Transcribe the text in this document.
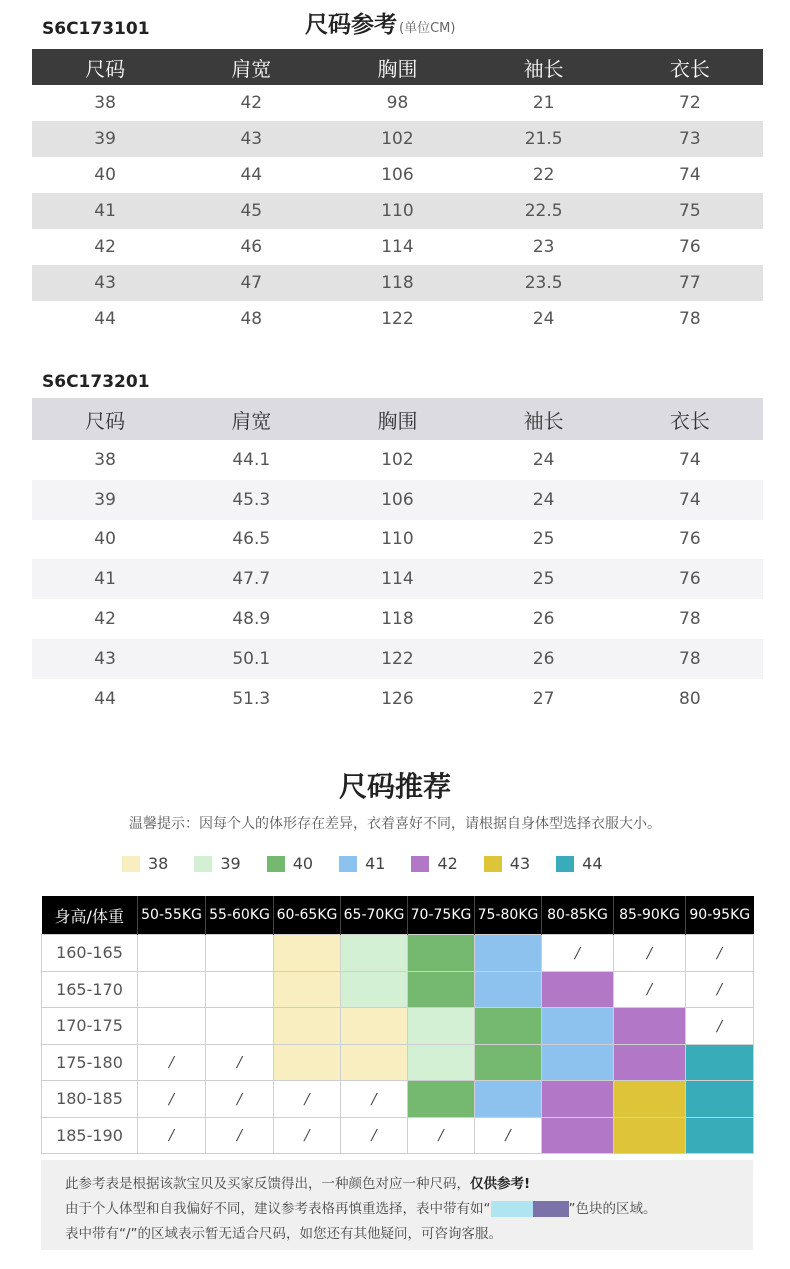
S6C173101	尺码参考 (单位CM)
尺码	肩宽	胸围	袖长	衣长
38	42	98	21	72
39	43	102	21.5	73
40	44	106	22	74
41	45	110	22.5	75
42	46	114	23	76
43	47	118	23.5	77
44	48	122	24	78
S6C173201
尺码	肩宽	胸围	袖长	衣长
38	44.1	102	24	74
39	45.3	106	24	74
40	46.5	110	25	76
41	47.7	114	25	76
42	48.9	118	26	78
43	50.1	122	26	78
44	51.3	126	27	80
尺码推荐
温馨提示：因每个人的体形存在差异，衣着喜好不同，请根据自身体型选择衣服大小。
38	39	40	41	42	43	44
身高/体重	50-55KG	55-60KG	60-65KG	65-70KG	70-75KG	75-80KG	80-85KG	85-90KG	90-95KG
160-165							/	/	/
165-170								/	/
170-175									/
175-180	/	/							
180-185	/	/	/	/					
185-190	/	/	/	/	/	/			
此参考表是根据该款宝贝及买家反馈得出，一种颜色对应一种尺码，仅供参考!
由于个人体型和自我偏好不同，建议参考表格再慎重选择，表中带有如“	”色块的区域。
表中带有“/”的区域表示暂无适合尺码，如您还有其他疑问，可咨询客服。
